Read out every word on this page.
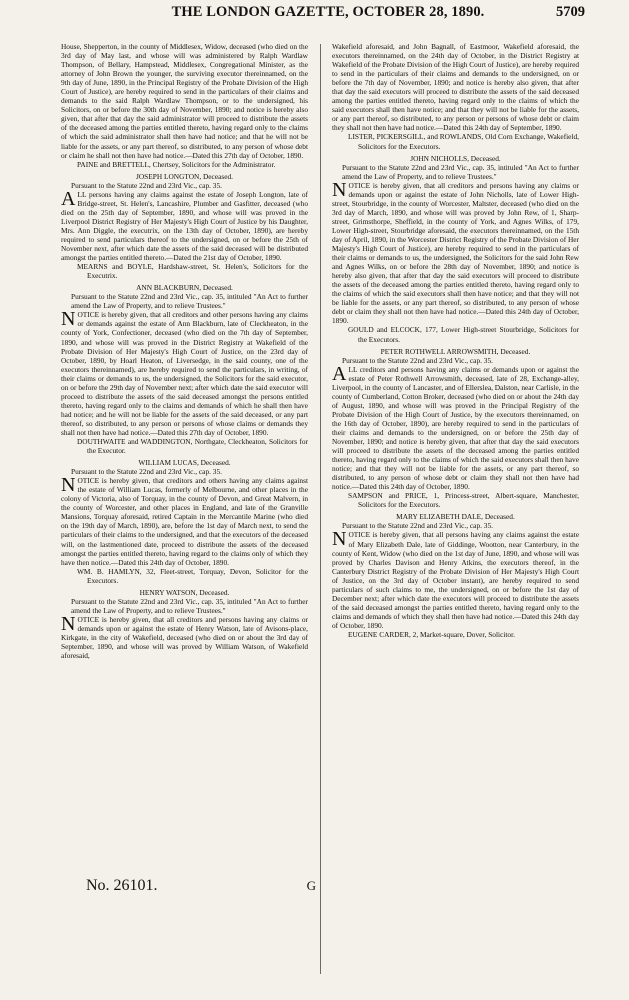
THE LONDON GAZETTE, OCTOBER 28, 1890.	5709

House, Shepperton, in the county of Middlesex, Widow, deceased (who died on the 3rd day of May last, and whose will was administered by Ralph Wardlaw Thompson, of Bellary, Hampstead, Middlesex, Congregational Minister, as the attorney of John Brown the younger, the surviving executor thereinnamed, on the 9th day of June, 1890, in the Principal Registry of the Probate Division of the High Court of Justice), are hereby required to send in the particulars of their claims and demands to the said Ralph Wardlaw Thompson, or to the undersigned, his Solicitors, on or before the 30th day of November, 1890; and notice is hereby also given, that after that day the said administrator will proceed to distribute the assets of the deceased among the parties entitled thereto, having regard only to the claims of which the said administrator shall then have had notice; and that he will not be liable for the assets, or any part thereof, so distributed, to any person of whose debt or claim he shall not then have had notice.—Dated this 27th day of October, 1890.

PAINE and BRETTELL, Chertsey, Solicitors for the Administrator.

JOSEPH LONGTON, Deceased.

Pursuant to the Statute 22nd and 23rd Vic., cap. 35.

A LL persons having any claims against the estate of Joseph Longton, late of Bridge-street, St. Helen's, Lancashire, Plumber and Gasfitter, deceased (who died on the 25th day of September, 1890, and whose will was proved in the Liverpool District Registry of Her Majesty's High Court of Justice by his Daughter, Mrs. Ann Diggle, the executrix, on the 13th day of October, 1890), are hereby required to send particulars thereof to the undersigned, on or before the 25th of November next, after which date the assets of the said deceased will be distributed amongst the parties entitled thereto.—Dated the 21st day of October, 1890.

MEARNS and BOYLE, Hardshaw-street, St. Helen's, Solicitors for the Executrix.

ANN BLACKBURN, Deceased.

Pursuant to the Statute 22nd and 23rd Vic., cap. 35, intituled "An Act to further amend the Law of Property, and to relieve Trustees."

N OTICE is hereby given, that all creditors and other persons having any claims or demands against the estate of Ann Blackburn, late of Cleckheaton, in the county of York, Confectioner, deceased (who died on the 7th day of September, 1890, and whose will was proved in the District Registry at Wakefield of the Probate Division of Her Majesty's High Court of Justice, on the 23rd day of October, 1890, by Hoarl Heaton, of Liversedge, in the said county, one of the executors thereinnamed), are hereby required to send the particulars, in writing, of their claims or demands to us, the undersigned, the Solicitors for the said executor, on or before the 29th day of November next; after which date the said executor will proceed to distribute the assets of the said deceased amongst the persons entitled thereto, having regard only to the claims and demands of which he shall then have had notice; and he will not be liable for the assets of the said deceased, or any part thereof, so distributed, to any person or persons of whose claims or demands they shall not then have had notice.—Dated this 27th day of October, 1890.

DOUTHWAITE and WADDINGTON, Northgate, Cleckheaton, Solicitors for the Executor.

WILLIAM LUCAS, Deceased.

Pursuant to the Statute 22nd and 23rd Vic., cap. 35.

N OTICE is hereby given, that creditors and others having any claims against the estate of William Lucas, formerly of Melbourne, and other places in the colony of Victoria, also of Torquay, in the county of Devon, and Great Malvern, in the county of Worcester, and other places in England, and late of the Granville Mansions, Torquay aforesaid, retired Captain in the Mercantile Marine (who died on the 19th day of March, 1890), are, before the 1st day of March next, to send the particulars of their claims to the undersigned, and that the executors of the deceased will, on the lastmentioned date, proceed to distribute the assets of the deceased amongst the parties entitled thereto, having regard to the claims only of which they have then notice.—Dated this 24th day of October, 1890.

WM. B. HAMLYN, 32, Fleet-street, Torquay, Devon, Solicitor for the Executors.

HENRY WATSON, Deceased.

Pursuant to the Statute 22nd and 23rd Vic., cap. 35, intituled "An Act to further amend the Law of Property, and to relieve Trustees."

N OTICE is hereby given, that all creditors and persons having any claims or demands upon or against the estate of Henry Watson, late of Avisons-place, Kirkgate, in the city of Wakefield, deceased (who died on or about the 3rd day of September, 1890, and whose will was proved by William Watson, of Wakefield aforesaid,

No. 26101.	G

Wakefield aforesaid, and John Bagnall, of Eastmoor, Wakefield aforesaid, the executors thereinnamed, on the 24th day of October, in the District Registry at Wakefield of the Probate Division of the High Court of Justice), are hereby required to send in the particulars of their claims and demands to the undersigned, on or before the 7th day of November, 1890; and notice is hereby also given, that after that day the said executors will proceed to distribute the assets of the said deceased among the parties entitled thereto, having regard only to the claims of which the said executors shall then have notice; and that they will not be liable for the assets, or any part thereof, so distributed, to any person or persons of whose debt or claim they shall not then have had notice.—Dated this 24th day of September, 1890.

LISTER, PICKERSGILL, and ROWLANDS, Old Corn Exchange, Wakefield, Solicitors for the Executors.

JOHN NICHOLLS, Deceased.

Pursuant to the Statute 22nd and 23rd Vic., cap. 35, intituled "An Act to further amend the Law of Property, and to relieve Trustees."

N OTICE is hereby given, that all creditors and persons having any claims or demands upon or against the estate of John Nicholls, late of Lower High-street, Stourbridge, in the county of Worcester, Maltster, deceased (who died on the 3rd day of March, 1890, and whose will was proved by John Rew, of 1, Sharp-street, Grimsthorpe, Sheffield, in the county of York, and Agnes Wilks, of 179, Lower High-street, Stourbridge aforesaid, the executors thereinnamed, on the 15th day of April, 1890, in the Worcester District Registry of the Probate Division of Her Majesty's High Court of Justice), are hereby required to send in the particulars of their claims or demands to us, the undersigned, the Solicitors for the said John Rew and Agnes Wilks, on or before the 28th day of November, 1890; and notice is hereby also given, that after that day the said executors will proceed to distribute the assets of the deceased among the parties entitled thereto, having regard only to the claims of which the said executors shall then have notice; and that they will not be liable for the assets, or any part thereof, so distributed, to any person of whose debt or claim they shall not then have had notice.—Dated this 24th day of October, 1890.

GOULD and ELCOCK, 177, Lower High-street Stourbridge, Solicitors for the Executors.

PETER ROTHWELL ARROWSMITH, Deceased.

Pursuant to the Statute 22nd and 23rd Vic., cap. 35.

A LL creditors and persons having any claims or demands upon or against the estate of Peter Rothwell Arrowsmith, deceased, late of 28, Exchange-alley, Liverpool, in the county of Lancaster, and of Ellerslea, Dalston, near Carlisle, in the county of Cumberland, Cotton Broker, deceased (who died on or about the 24th day of August, 1890, and whose will was proved in the Principal Registry of the Probate Division of the High Court of Justice, by the executors thereinnamed, on the 16th day of October, 1890), are hereby required to send in the particulars of their claims and demands to the undersigned, on or before the 25th day of November, 1890; and notice is hereby given, that after that day the said executors will proceed to distribute the assets of the deceased among the parties entitled thereto, having regard only to the claims of which the said executors shall then have notice; and that they will not be liable for the assets, or any part thereof, so distributed, to any person of whose debt or claim they shall not then have had notice.—Dated this 24th day of October, 1890.

SAMPSON and PRICE, 1, Princess-street, Albert-square, Manchester, Solicitors for the Executors.

MARY ELIZABETH DALE, Deceased.

Pursuant to the Statute 22nd and 23rd Vic., cap. 35.

N OTICE is hereby given, that all persons having any claims against the estate of Mary Elizabeth Dale, late of Giddinge, Wootton, near Canterbury, in the county of Kent, Widow (who died on the 1st day of June, 1890, and whose will was proved by Charles Davison and Henry Atkins, the executors thereof, in the Canterbury District Registry of the Probate Division of Her Majesty's High Court of Justice, on the 3rd day of October instant), are hereby required to send particulars of such claims to me, the undersigned, on or before the 1st day of December next; after which date the executors will proceed to distribute the assets of the said deceased amongst the parties entitled thereto, having regard only to the claims and demands of which they shall then have had notice.—Dated this 24th day of October, 1890.

EUGENE CARDER, 2, Market-square, Dover, Solicitor.
